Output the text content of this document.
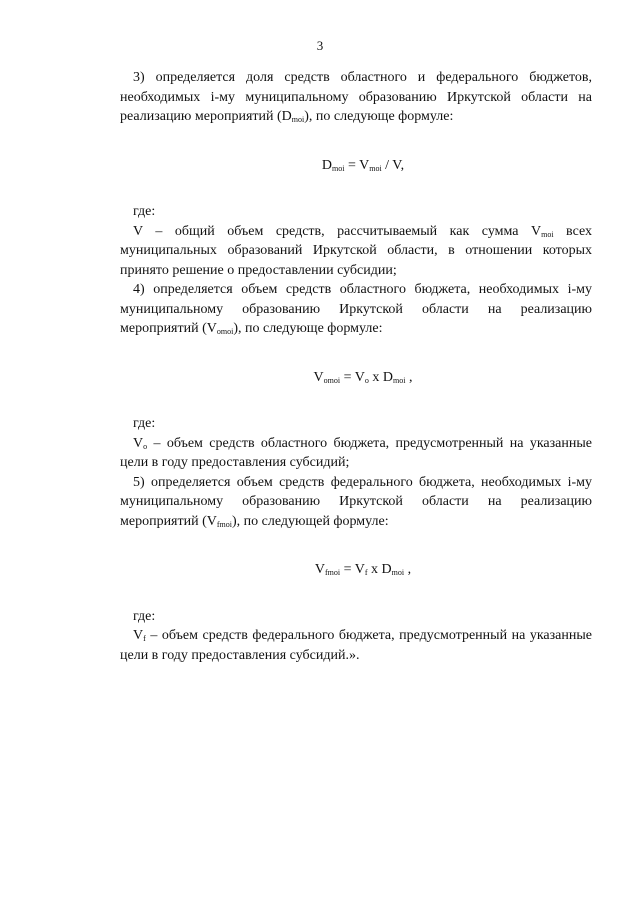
3

3) определяется доля средств областного и федерального бюджетов, необходимых i-му муниципальному образованию Иркутской области на реализацию мероприятий $(D_{moi})$, по следующе формуле:

$D_{moi} = V_{moi} / V$,

где:

V – общий объем средств, рассчитываемый как сумма $V_{moi}$ всех муниципальных образований Иркутской области, в отношении которых принято решение о предоставлении субсидии;

4) определяется объем средств областного бюджета, необходимых i-му муниципальному образованию Иркутской области на реализацию мероприятий $(V_{omoi})$, по следующе формуле:

$V_{omoi} = V_o$ x $D_{moi}$ ,

где:

$V_o$ – объем средств областного бюджета, предусмотренный на указанные цели в году предоставления субсидий;

5) определяется объем средств федерального бюджета, необходимых i-му муниципальному образованию Иркутской области на реализацию мероприятий $(V_{fmoi})$, по следующей формуле:

$V_{fmoi} = V_f$ x $D_{moi}$ ,

где:

$V_f$ – объем средств федерального бюджета, предусмотренный на указанные цели в году предоставления субсидий.».
